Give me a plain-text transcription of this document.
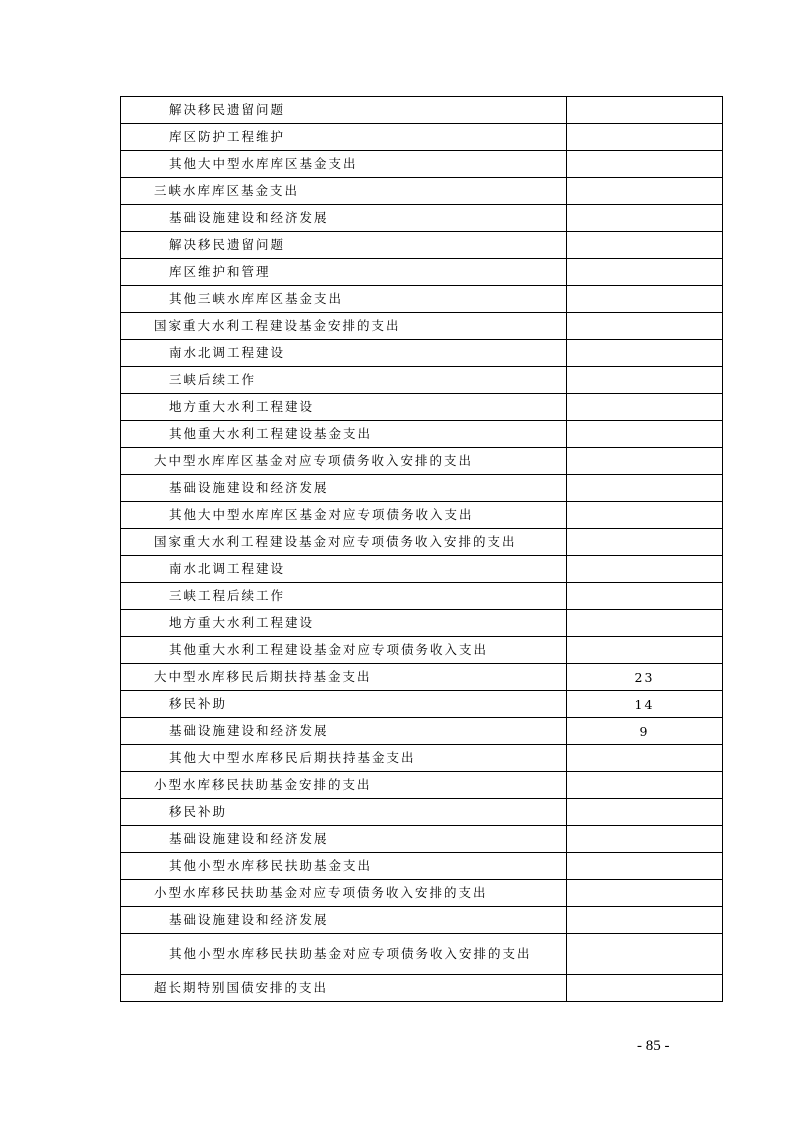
解决移民遗留问题	
库区防护工程维护	
其他大中型水库库区基金支出	
三峡水库库区基金支出	
基础设施建设和经济发展	
解决移民遗留问题	
库区维护和管理	
其他三峡水库库区基金支出	
国家重大水利工程建设基金安排的支出	
南水北调工程建设	
三峡后续工作	
地方重大水利工程建设	
其他重大水利工程建设基金支出	
大中型水库库区基金对应专项债务收入安排的支出	
基础设施建设和经济发展	
其他大中型水库库区基金对应专项债务收入支出	
国家重大水利工程建设基金对应专项债务收入安排的支出	
南水北调工程建设	
三峡工程后续工作	
地方重大水利工程建设	
其他重大水利工程建设基金对应专项债务收入支出	
大中型水库移民后期扶持基金支出	23
移民补助	14
基础设施建设和经济发展	9
其他大中型水库移民后期扶持基金支出	
小型水库移民扶助基金安排的支出	
移民补助	
基础设施建设和经济发展	
其他小型水库移民扶助基金支出	
小型水库移民扶助基金对应专项债务收入安排的支出	
基础设施建设和经济发展	
其他小型水库移民扶助基金对应专项债务收入安排的支出	
超长期特别国债安排的支出	
- 85 -
